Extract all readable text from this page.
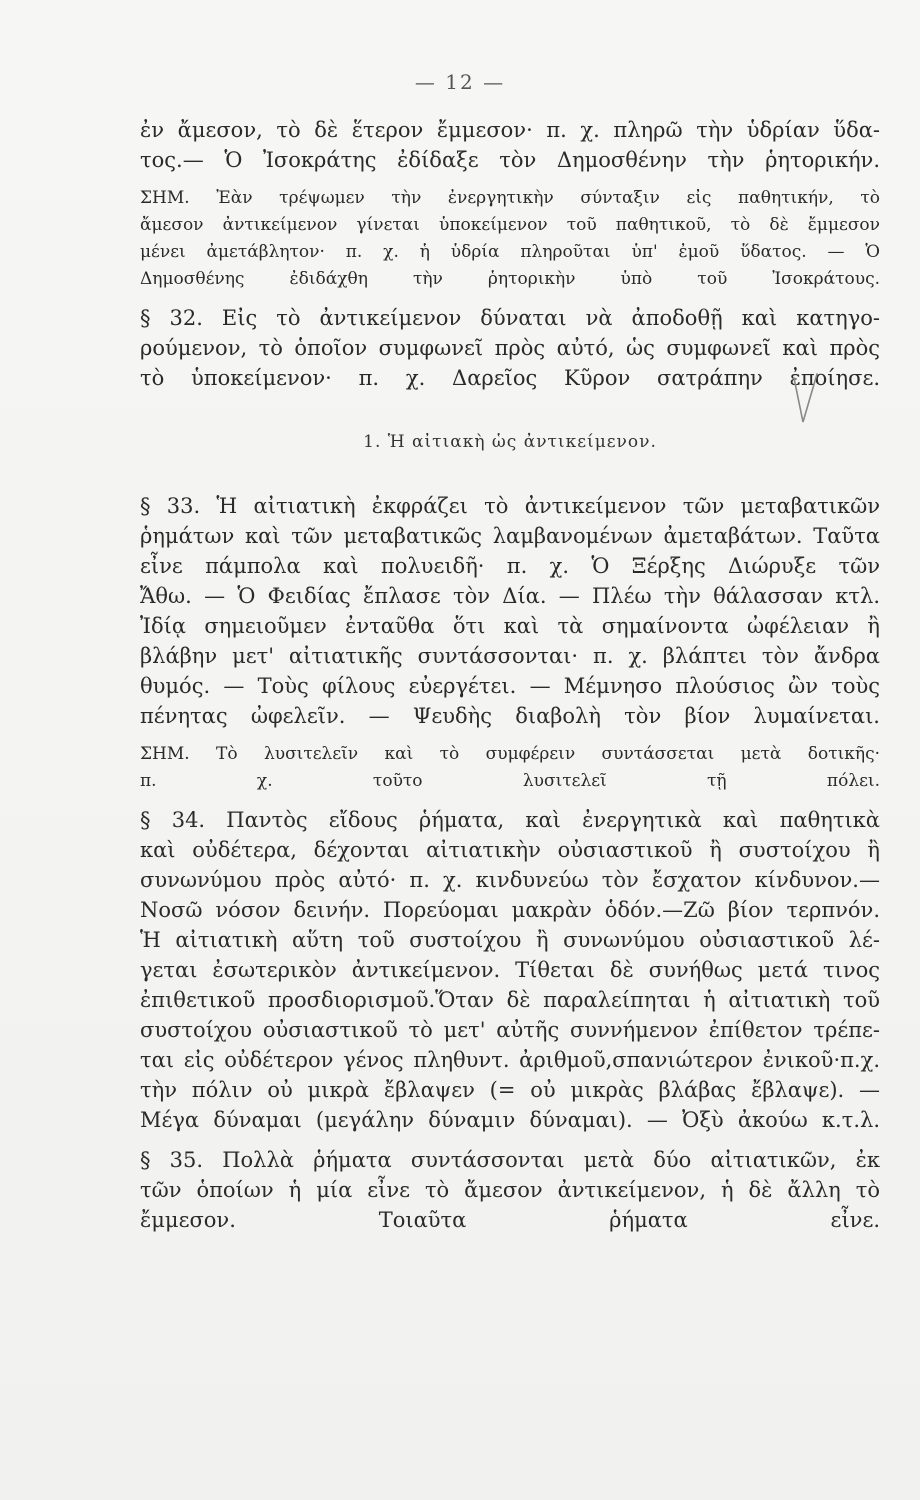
— 12 —
ἐν ἄμεσον, τὸ δὲ ἕτερον ἔμμεσον· π. χ. πληρῶ τὴν ὑδρίαν ὕδα-
τος.— Ὁ Ἰσοκράτης ἐδίδαξε τὸν Δημοσθένην τὴν ῥητορικήν.
ΣΗΜ. Ἐὰν τρέψωμεν τὴν ἐνεργητικὴν σύνταξιν εἰς παθητικήν, τὸ
ἄμεσον ἀντικείμενον γίνεται ὑποκείμενον τοῦ παθητικοῦ, τὸ δὲ ἔμμεσον
μένει ἀμετάβλητον· π. χ. ἡ ὑδρία πληροῦται ὑπ' ἐμοῦ ὕδατος. — Ὁ
Δημοσθένης ἐδιδάχθη τὴν ῥητορικὴν ὑπὸ τοῦ Ἰσοκράτους.
§ 32. Εἰς τὸ ἀντικείμενον δύναται νὰ ἀποδοθῇ καὶ κατηγο-
ρούμενον, τὸ ὁποῖον συμφωνεῖ πρὸς αὐτό, ὡς συμφωνεῖ καὶ πρὸς
τὸ ὑποκείμενον· π. χ. Δαρεῖος Κῦρον σατράπην ἐποίησε.
1. Ἡ αἰτιακὴ ὡς ἀντικείμενον.
§ 33. Ἡ αἰτιατικὴ ἐκφράζει τὸ ἀντικείμενον τῶν μεταβατικῶν
ῥημάτων καὶ τῶν μεταβατικῶς λαμβανομένων ἀμεταβάτων. Ταῦτα
εἶνε πάμπολα καὶ πολυειδῆ· π. χ. Ὁ Ξέρξης Διώρυξε τῶν
Ἄθω. — Ὁ Φειδίας ἔπλασε τὸν Δία. — Πλέω τὴν θάλασσαν κτλ.
Ἰδίᾳ σημειοῦμεν ἐνταῦθα ὅτι καὶ τὰ σημαίνοντα ὠφέλειαν ἢ
βλάβην μετ' αἰτιατικῆς συντάσσονται· π. χ. βλάπτει τὸν ἄνδρα
θυμός. — Τοὺς φίλους εὐεργέτει. — Μέμνησο πλούσιος ὢν τοὺς
πένητας ὠφελεῖν. — Ψευδὴς διαβολὴ τὸν βίον λυμαίνεται.
ΣΗΜ. Τὸ λυσιτελεῖν καὶ τὸ συμφέρειν συντάσσεται μετὰ δοτικῆς·
π. χ. τοῦτο λυσιτελεῖ τῇ πόλει.
§ 34. Παντὸς εἴδους ῥήματα, καὶ ἐνεργητικὰ καὶ παθητικὰ
καὶ οὐδέτερα, δέχονται αἰτιατικὴν οὐσιαστικοῦ ἢ συστοίχου ἢ
συνωνύμου πρὸς αὐτό· π. χ. κινδυνεύω τὸν ἔσχατον κίνδυνον.—
Νοσῶ νόσον δεινήν. Πορεύομαι μακρὰν ὁδόν.—Ζῶ βίον τερπνόν.
Ἡ αἰτιατικὴ αὕτη τοῦ συστοίχου ἢ συνωνύμου οὐσιαστικοῦ λέ-
γεται ἐσωτερικὸν ἀντικείμενον. Τίθεται δὲ συνήθως μετά τινος
ἐπιθετικοῦ προσδιορισμοῦ.Ὅταν δὲ παραλείπηται ἡ αἰτιατικὴ τοῦ
συστοίχου οὐσιαστικοῦ τὸ μετ' αὐτῆς συννήμενον ἐπίθετον τρέπε-
ται εἰς οὐδέτερον γένος πληθυντ. ἀριθμοῦ,σπανιώτερον ἐνικοῦ·π.χ.
τὴν πόλιν οὐ μικρὰ ἔβλαψεν (= οὐ μικρὰς βλάβας ἔβλαψε). —
Μέγα δύναμαι (μεγάλην δύναμιν δύναμαι). — Ὀξὺ ἀκούω κ.τ.λ.
§ 35. Πολλὰ ῥήματα συντάσσονται μετὰ δύο αἰτιατικῶν, ἐκ
τῶν ὁποίων ἡ μία εἶνε τὸ ἄμεσον ἀντικείμενον, ἡ δὲ ἄλλη τὸ
ἔμμεσον. Τοιαῦτα ῥήματα εἶνε.
